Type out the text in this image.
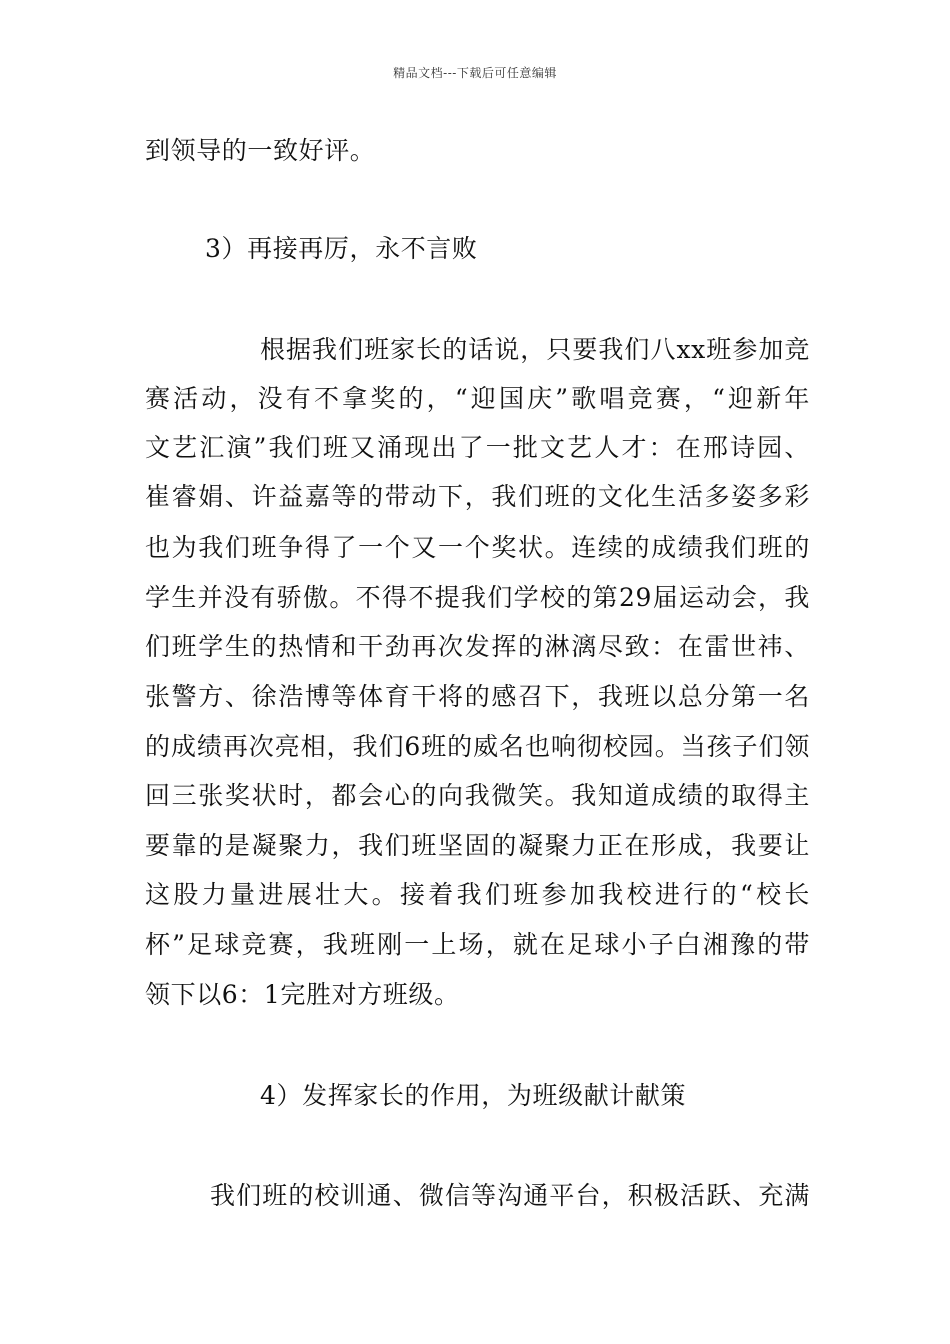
精品文档---下载后可任意编辑
到领导的一致好评。
3）再接再厉，永不言败
根据我们班家长的话说，只要我们八xx班参加竞
赛活动，没有不拿奖的，“迎国庆”歌唱竞赛，“迎新年
文艺汇演”我们班又涌现出了一批文艺人才：在邢诗园、
崔睿娟、许益嘉等的带动下，我们班的文化生活多姿多彩
也为我们班争得了一个又一个奖状。连续的成绩我们班的
学生并没有骄傲。不得不提我们学校的第29届运动会，我
们班学生的热情和干劲再次发挥的淋漓尽致：在雷世祎、
张警方、徐浩博等体育干将的感召下，我班以总分第一名
的成绩再次亮相，我们6班的威名也响彻校园。当孩子们领
回三张奖状时，都会心的向我微笑。我知道成绩的取得主
要靠的是凝聚力，我们班坚固的凝聚力正在形成，我要让
这股力量进展壮大。接着我们班参加我校进行的“校长
杯”足球竞赛，我班刚一上场，就在足球小子白湘豫的带
领下以6：1完胜对方班级。
4）发挥家长的作用，为班级献计献策
我们班的校训通、微信等沟通平台，积极活跃、充满
